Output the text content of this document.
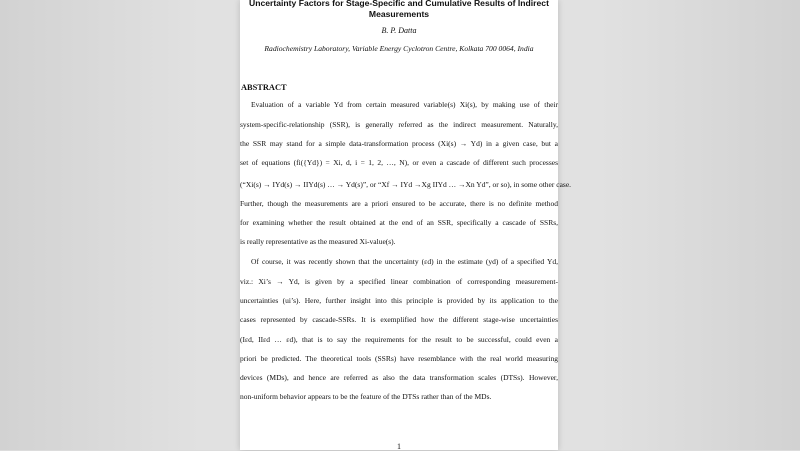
Uncertainty Factors for Stage-Specific and Cumulative Results of Indirect
Measurements
B. P. Datta
Radiochemistry Laboratory, Variable Energy Cyclotron Centre, Kolkata 700 0064, India
ABSTRACT
Evaluation of a variable Yd from certain measured variable(s) Xi(s), by making use of their
system-specific-relationship (SSR), is generally referred as the indirect measurement. Naturally,
the SSR may stand for a simple data-transformation process (Xi(s) → Yd) in a given case, but a
set of equations (fi({Yd}) = Xi, d, i = 1, 2, …, N), or even a cascade of different such processes
(“Xi(s) → IYd(s) → IIYd(s) … → Yd(s)”, or “Xf → IYd →Xg IIYd … →Xn Yd”, or so), in some other case.
Further, though the measurements are a priori ensured to be accurate, there is no definite method
for examining whether the result obtained at the end of an SSR, specifically a cascade of SSRs,
is really representative as the measured Xi-value(s).
Of course, it was recently shown that the uncertainty (εd) in the estimate (yd) of a specified Yd,
viz.: Xi’s → Yd, is given by a specified linear combination of corresponding measurement-
uncertainties (ui’s). Here, further insight into this principle is provided by its application to the
cases represented by cascade-SSRs. It is exemplified how the different stage-wise uncertainties
(Iεd, IIεd … εd), that is to say the requirements for the result to be successful, could even a
priori be predicted. The theoretical tools (SSRs) have resemblance with the real world measuring
devices (MDs), and hence are referred as also the data transformation scales (DTSs). However,
non-uniform behavior appears to be the feature of the DTSs rather than of the MDs.
1
